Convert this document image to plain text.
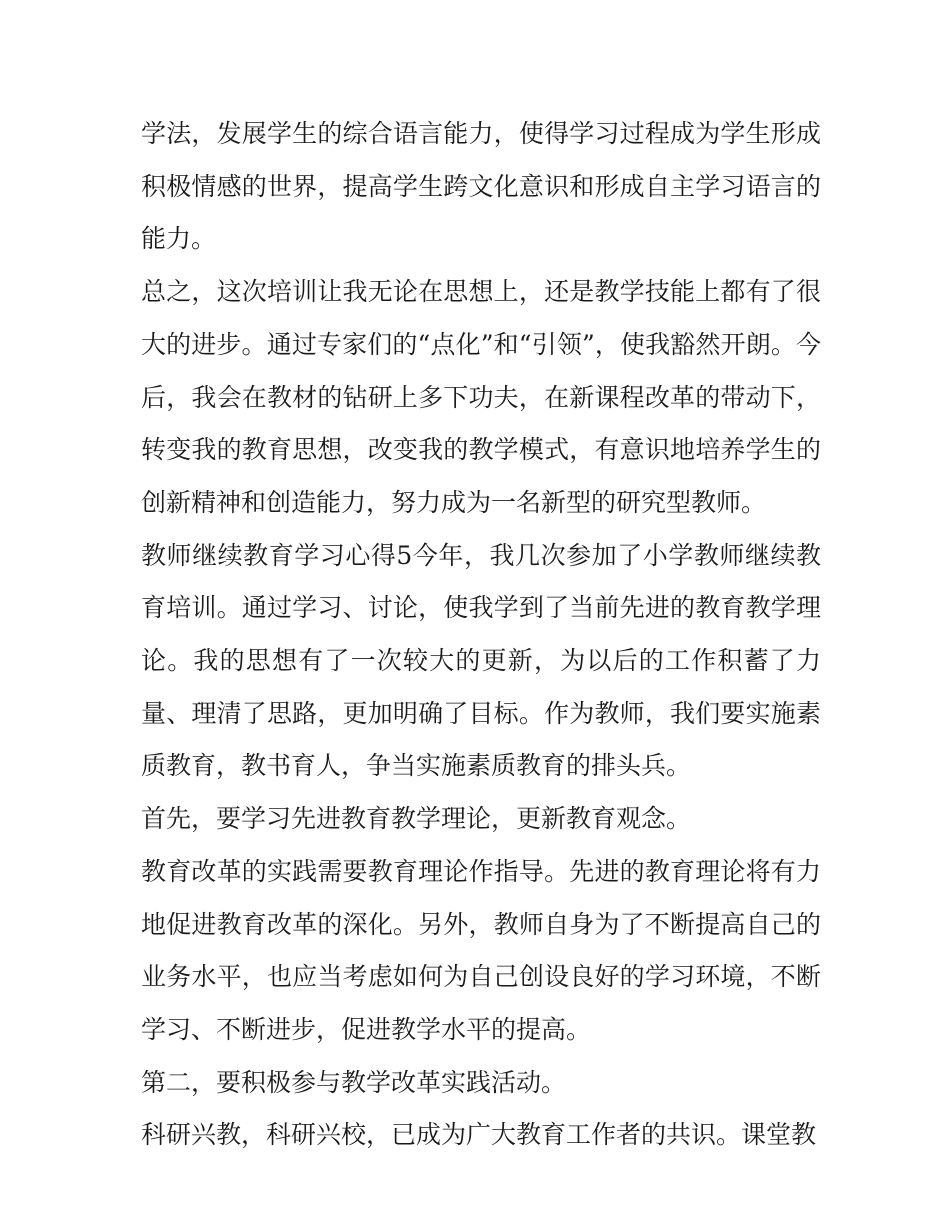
学法，发展学生的综合语言能力，使得学习过程成为学生形成积极情感的世界，提高学生跨文化意识和形成自主学习语言的能力。

总之，这次培训让我无论在思想上，还是教学技能上都有了很大的进步。通过专家们的“点化”和“引领”，使我豁然开朗。今后，我会在教材的钻研上多下功夫，在新课程改革的带动下，转变我的教育思想，改变我的教学模式，有意识地培养学生的创新精神和创造能力，努力成为一名新型的研究型教师。

教师继续教育学习心得5今年，我几次参加了小学教师继续教育培训。通过学习、讨论，使我学到了当前先进的教育教学理论。我的思想有了一次较大的更新，为以后的工作积蓄了力量、理清了思路，更加明确了目标。作为教师，我们要实施素质教育，教书育人，争当实施素质教育的排头兵。

首先，要学习先进教育教学理论，更新教育观念。

教育改革的实践需要教育理论作指导。先进的教育理论将有力地促进教育改革的深化。另外，教师自身为了不断提高自己的业务水平，也应当考虑如何为自己创设良好的学习环境，不断学习、不断进步，促进教学水平的提高。

第二，要积极参与教学改革实践活动。

科研兴教，科研兴校，已成为广大教育工作者的共识。课堂教
